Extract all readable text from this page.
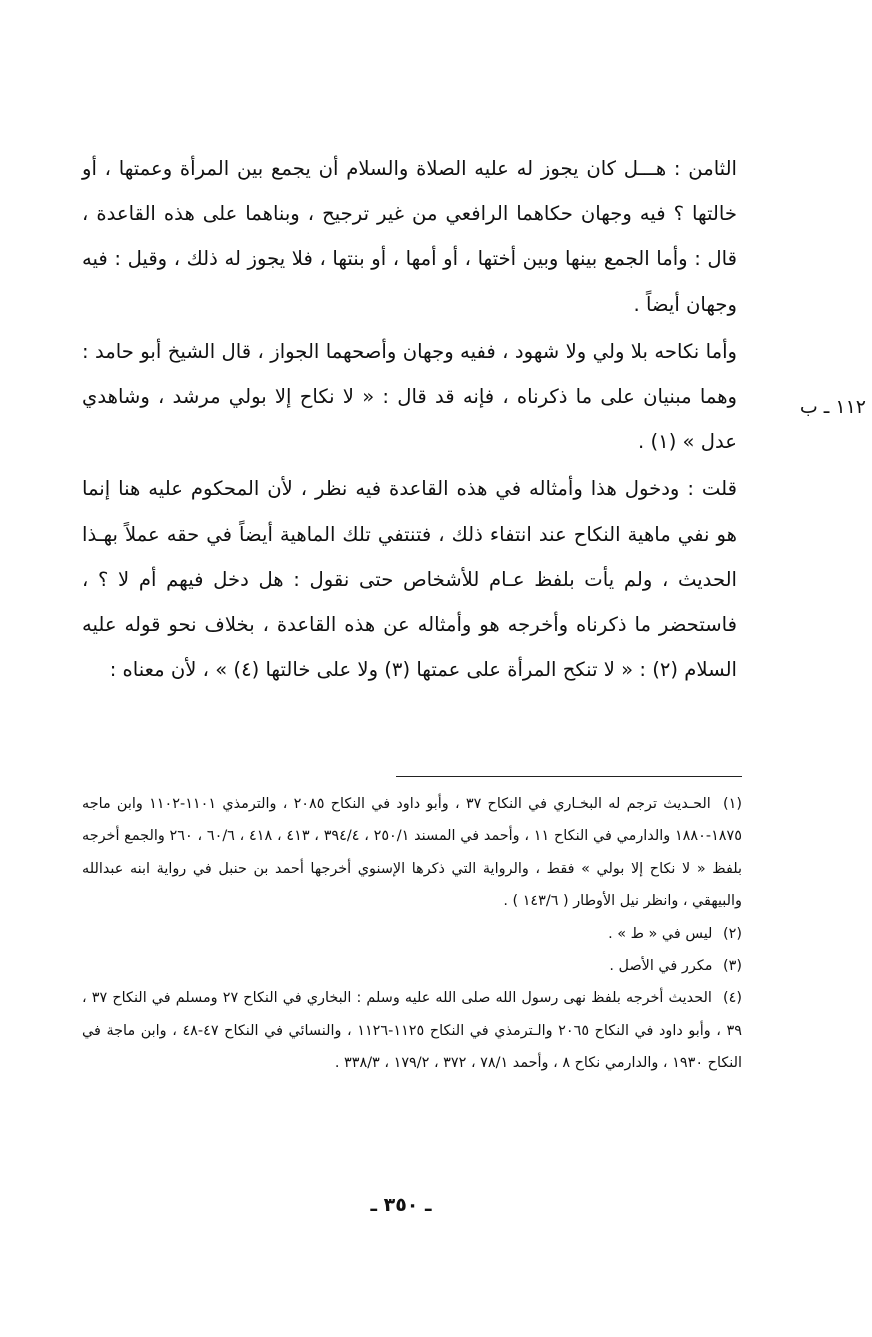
الثامن : هـــل كان يجوز له عليه الصلاة والسلام أن يجمع بين المرأة وعمتها ، أو خالتها ؟ فيه وجهان حكاهما الرافعي من غير ترجيح ، وبناهما على هذه القاعدة ، قال : وأما الجمع بينها وبين أختها ، أو أمها ، أو بنتها ، فلا يجوز له ذلك ، وقيل : فيه وجهان أيضاً .

وأما نكاحه بلا ولي ولا شهود ، ففيه وجهان وأصحهما الجواز ، قال الشيخ أبو حامد : وهما مبنيان على ما ذكرناه ، فإنه قد قال : « لا نكاح إلا بولي مرشد ، وشاهدي عدل » (١) .

قلت : ودخول هذا وأمثاله في هذه القاعدة فيه نظر ، لأن المحكوم عليه هنا إنما هو نفي ماهية النكاح عند انتفاء ذلك ، فتنتفي تلك الماهية أيضاً في حقه عملاً بهـذا الحديث ، ولم يأت بلفظ عـام للأشخاص حتى نقول : هل دخل فيهم أم لا ؟ ، فاستحضر ما ذكرناه وأخرجه هو وأمثاله عن هذه القاعدة ، بخلاف نحو قوله عليه السلام (٢) : « لا تنكح المرأة على عمتها (٣) ولا على خالتها (٤) » ، لأن معناه :

١١٢ ـ ب

(١) الحـديث ترجم له البخـاري في النكاح ٣٧ ، وأبو داود في النكاح ٢٠٨٥ ، والترمذي ١١٠١-١١٠٢ وابن ماجه ١٨٧٥-١٨٨٠ والدارمي في النكاح ١١ ، وأحمد في المسند ٢٥٠/١ ، ٣٩٤/٤ ، ٤١٣ ، ٤١٨ ، ٦٠/٦ ، ٢٦٠ والجمع أخرجه بلفظ « لا نكاح إلا بولي » فقط ، والرواية التي ذكرها الإسنوي أخرجها أحمد بن حنبل في رواية ابنه عبدالله والبيهقي ، وانظر نيل الأوطار ( ١٤٣/٦ ) .

(٢) ليس في « ط » .

(٣) مكرر في الأصل .

(٤) الحديث أخرجه بلفظ نهى رسول الله صلى الله عليه وسلم : البخاري في النكاح ٢٧ ومسلم في النكاح ٣٧ ، ٣٩ ، وأبو داود في النكاح ٢٠٦٥ والـترمذي في النكاح ١١٢٥-١١٢٦ ، والنسائي في النكاح ٤٧-٤٨ ، وابن ماجة في النكاح ١٩٣٠ ، والدارمي نكاح ٨ ، وأحمد ٧٨/١ ، ٣٧٢ ، ١٧٩/٢ ، ٣٣٨/٣ .

ـ ٣٥٠ ـ
